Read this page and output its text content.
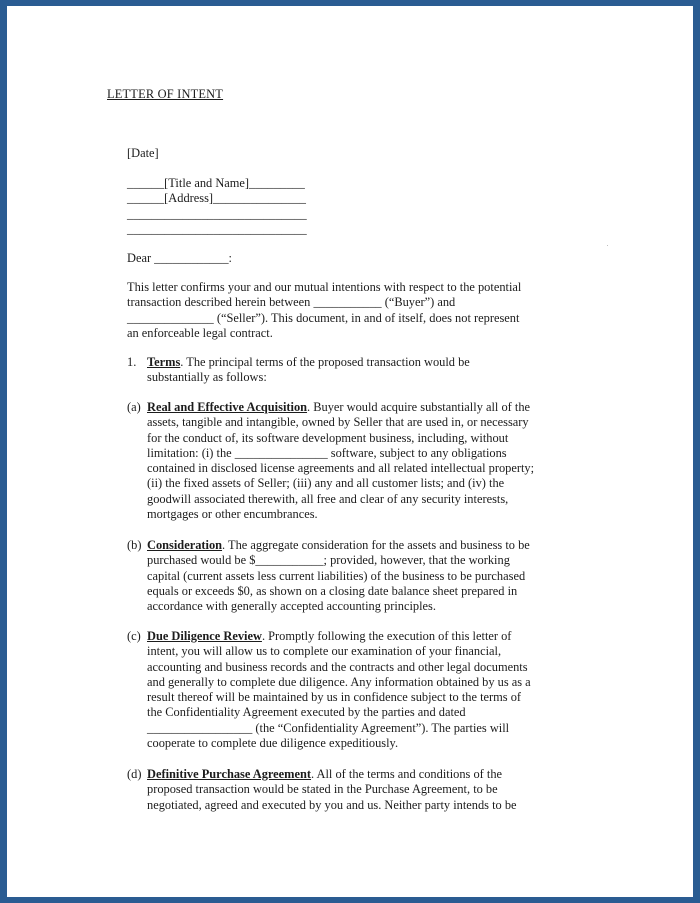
LETTER OF INTENT
[Date]
______[Title and Name]_________
______[Address]_______________
_____________________________
_____________________________
Dear ____________:
This letter confirms your and our mutual intentions with respect to the potential
transaction described herein between ___________ (“Buyer”) and
______________ (“Seller”). This document, in and of itself, does not represent
an enforceable legal contract.
1. Terms. The principal terms of the proposed transaction would be
substantially as follows:
(a) Real and Effective Acquisition. Buyer would acquire substantially all of the
assets, tangible and intangible, owned by Seller that are used in, or necessary
for the conduct of, its software development business, including, without
limitation: (i) the _______________ software, subject to any obligations
contained in disclosed license agreements and all related intellectual property;
(ii) the fixed assets of Seller; (iii) any and all customer lists; and (iv) the
goodwill associated therewith, all free and clear of any security interests,
mortgages or other encumbrances.
(b) Consideration. The aggregate consideration for the assets and business to be
purchased would be $___________; provided, however, that the working
capital (current assets less current liabilities) of the business to be purchased
equals or exceeds $0, as shown on a closing date balance sheet prepared in
accordance with generally accepted accounting principles.
(c) Due Diligence Review. Promptly following the execution of this letter of
intent, you will allow us to complete our examination of your financial,
accounting and business records and the contracts and other legal documents
and generally to complete due diligence. Any information obtained by us as a
result thereof will be maintained by us in confidence subject to the terms of
the Confidentiality Agreement executed by the parties and dated
_________________ (the “Confidentiality Agreement”). The parties will
cooperate to complete due diligence expeditiously.
(d) Definitive Purchase Agreement. All of the terms and conditions of the
proposed transaction would be stated in the Purchase Agreement, to be
negotiated, agreed and executed by you and us. Neither party intends to be
